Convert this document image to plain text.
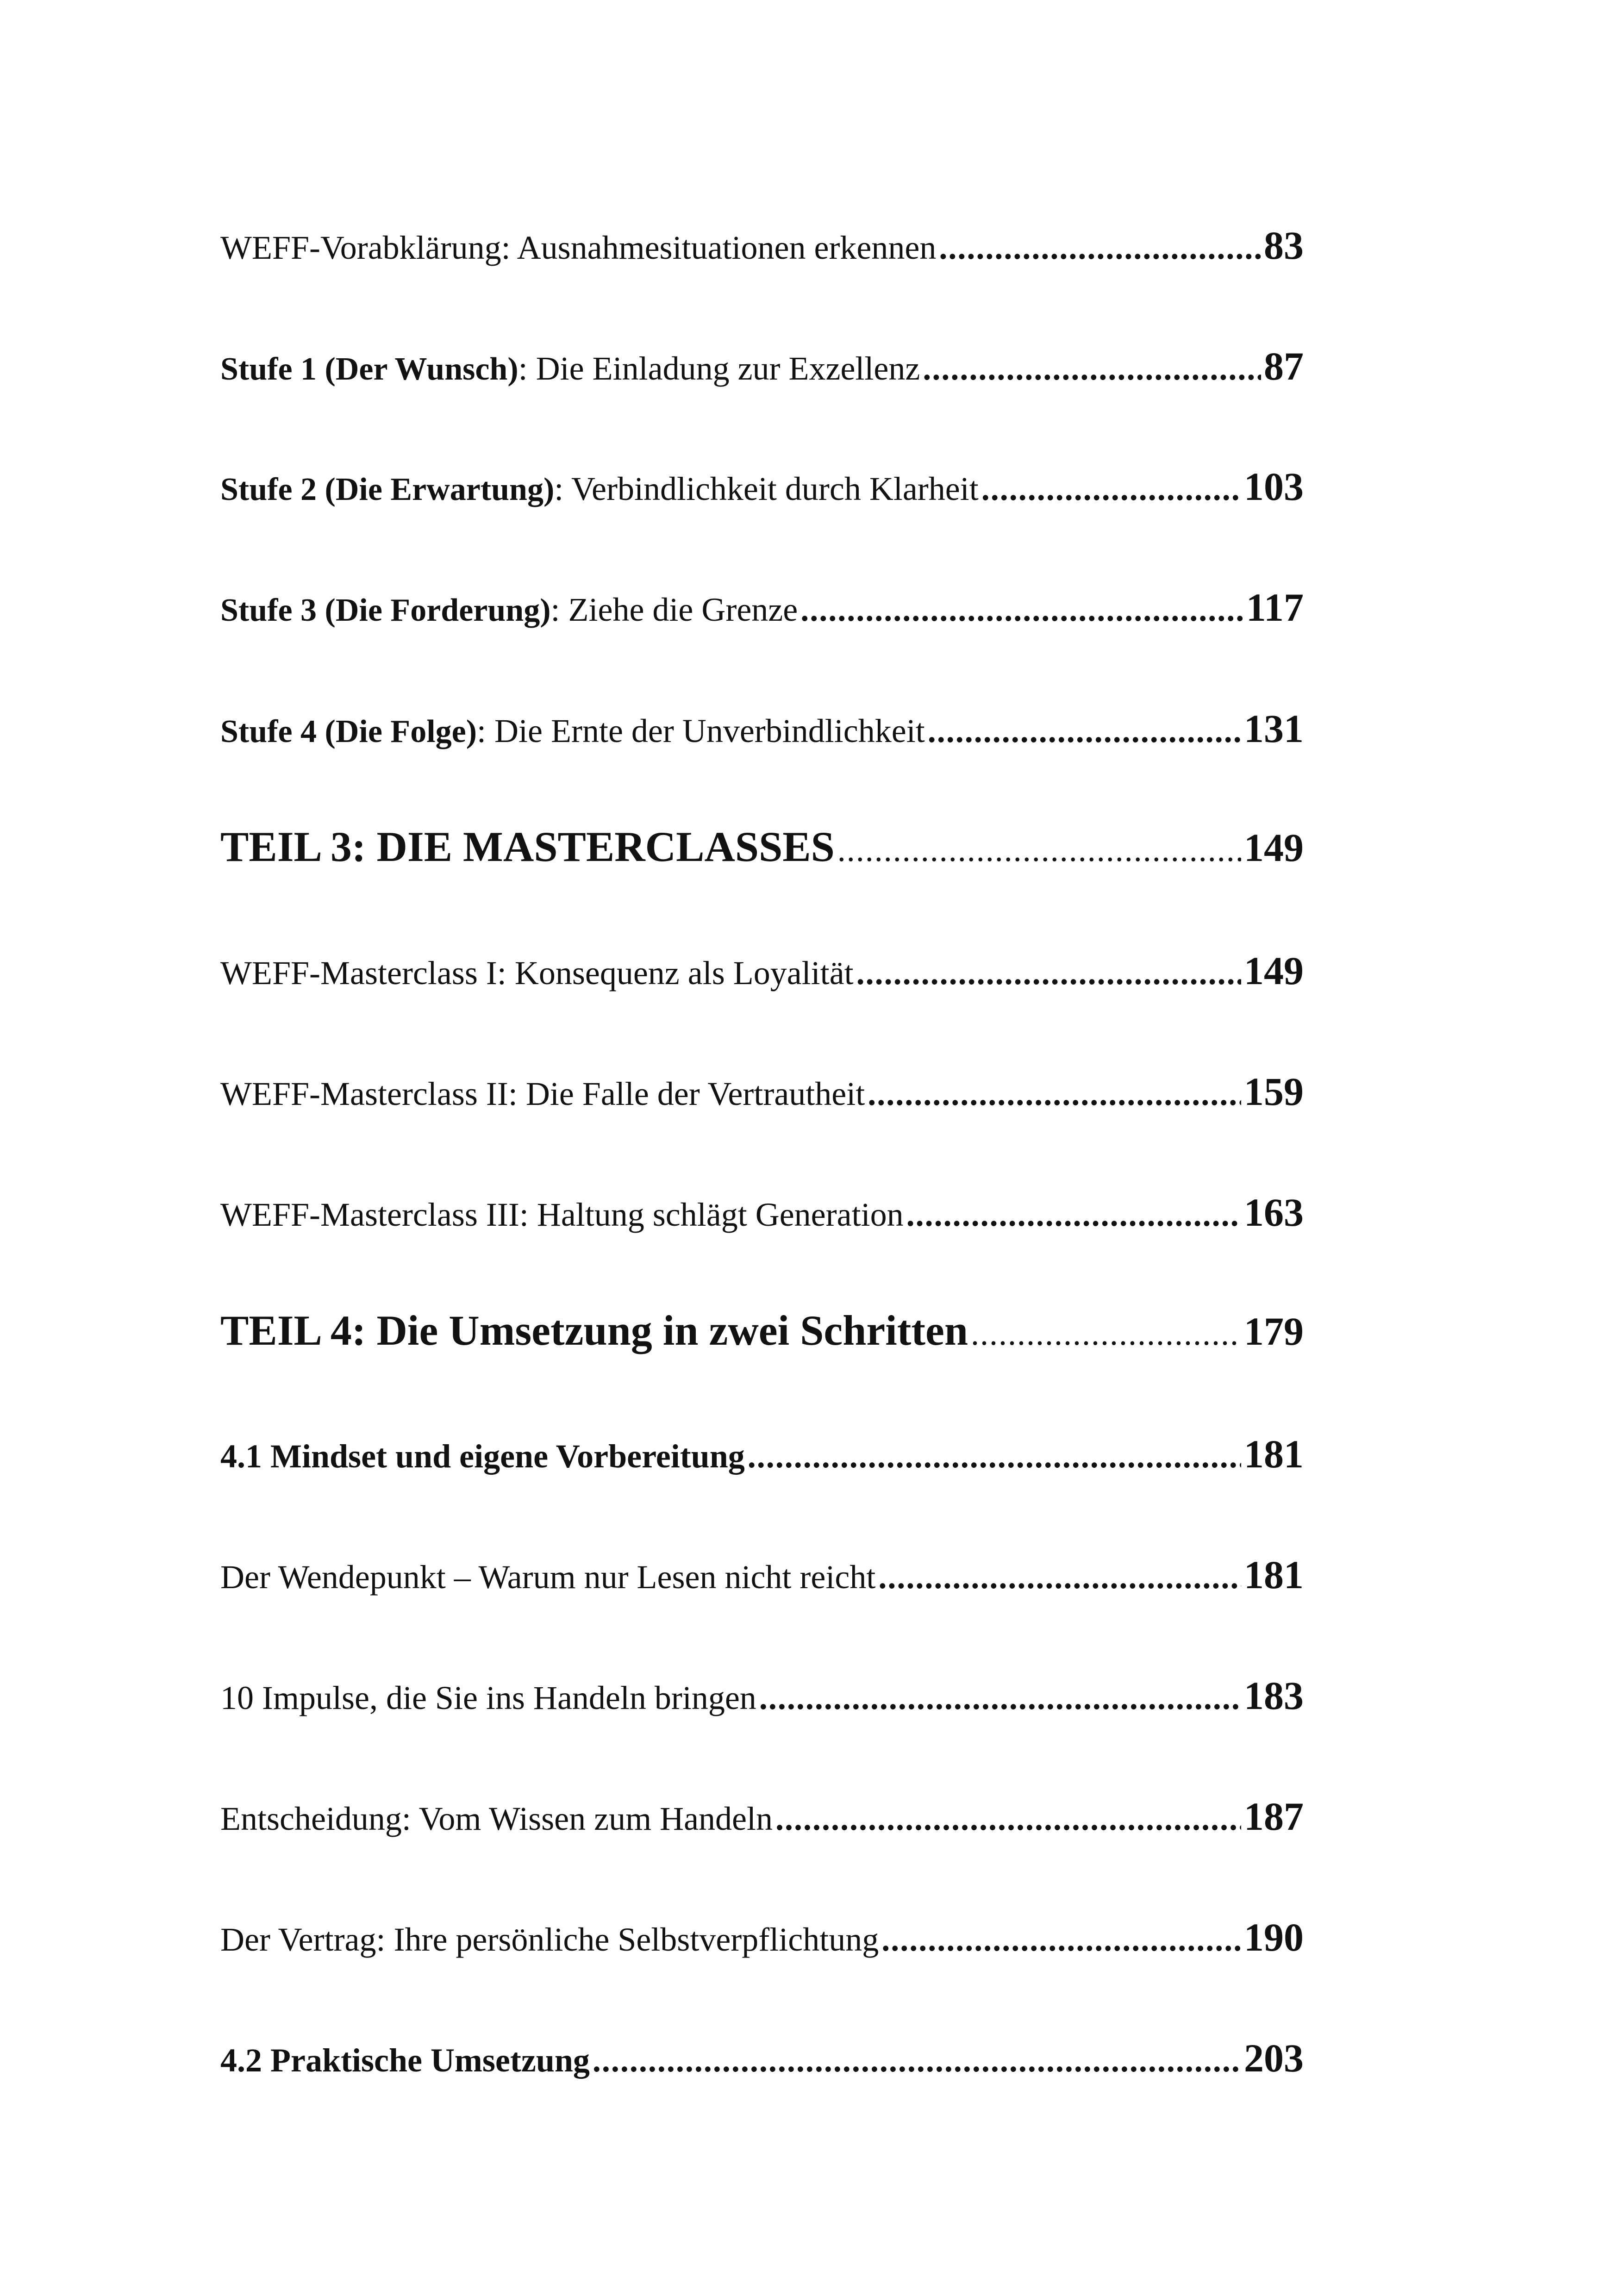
WEFF-Vorabklärung: Ausnahmesituationen erkennen .....	83
Stufe 1 (Der Wunsch): Die Einladung zur Exzellenz .....	87
Stufe 2 (Die Erwartung): Verbindlichkeit durch Klarheit .....	103
Stufe 3 (Die Forderung): Ziehe die Grenze .....	117
Stufe 4 (Die Folge): Die Ernte der Unverbindlichkeit .....	131
TEIL 3: DIE MASTERCLASSES .....	149
WEFF-Masterclass I: Konsequenz als Loyalität .....	149
WEFF-Masterclass II: Die Falle der Vertrautheit .....	159
WEFF-Masterclass III: Haltung schlägt Generation .....	163
TEIL 4: Die Umsetzung in zwei Schritten .....	179
4.1 Mindset und eigene Vorbereitung .....	181
Der Wendepunkt – Warum nur Lesen nicht reicht .....	181
10 Impulse, die Sie ins Handeln bringen .....	183
Entscheidung: Vom Wissen zum Handeln .....	187
Der Vertrag: Ihre persönliche Selbstverpflichtung .....	190
4.2 Praktische Umsetzung .....	203
